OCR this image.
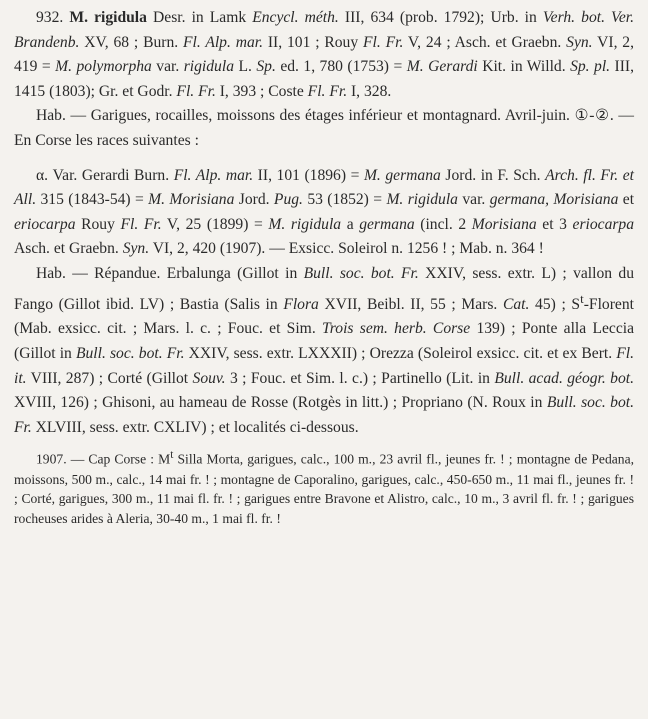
932. M. rigidula Desr. in Lamk Encycl. méth. III, 634 (prob. 1792); Urb. in Verh. bot. Ver. Brandenb. XV, 68 ; Burn. Fl. Alp. mar. II, 101 ; Rouy Fl. Fr. V, 24 ; Asch. et Graebn. Syn. VI, 2, 419 = M. polymorpha var. rigidula L. Sp. ed. 1, 780 (1753) = M. Gerardi Kit. in Willd. Sp. pl. III, 1415 (1803); Gr. et Godr. Fl. Fr. I, 393 ; Coste Fl. Fr. I, 328.

Hab. — Garigues, rocailles, moissons des étages inférieur et montagnard. Avril-juin. ①-②. — En Corse les races suivantes :

α. Var. Gerardi Burn. Fl. Alp. mar. II, 101 (1896) = M. germana Jord. in F. Sch. Arch. fl. Fr. et All. 315 (1843-54) = M. Morisiana Jord. Pug. 53 (1852) = M. rigidula var. germana, Morisiana et eriocarpa Rouy Fl. Fr. V, 25 (1899) = M. rigidula a germana (incl. 2 Morisiana et 3 eriocarpa Asch. et Graebn. Syn. VI, 2, 420 (1907). — Exsicc. Soleirol n. 1256 ! ; Mab. n. 364 !

Hab. — Répandue. Erbalunga (Gillot in Bull. soc. bot. Fr. XXIV, sess. extr. L) ; vallon du Fango (Gillot ibid. LV) ; Bastia (Salis in Flora XVII, Beibl. II, 55 ; Mars. Cat. 45) ; $S^t$-Florent (Mab. exsicc. cit. ; Mars. l. c. ; Fouc. et Sim. Trois sem. herb. Corse 139) ; Ponte alla Leccia (Gillot in Bull. soc. bot. Fr. XXIV, sess. extr. LXXXII) ; Orezza (Soleirol exsicc. cit. et ex Bert. Fl. it. VIII, 287) ; Corté (Gillot Souv. 3 ; Fouc. et Sim. l. c.) ; Partinello (Lit. in Bull. acad. géogr. bot. XVIII, 126) ; Ghisoni, au hameau de Rosse (Rotgès in litt.) ; Propriano (N. Roux in Bull. soc. bot. Fr. XLVIII, sess. extr. CXLIV) ; et localités ci-dessous.

1907. — Cap Corse : $M^t$ Silla Morta, garigues, calc., 100 m., 23 avril fl., jeunes fr. ! ; montagne de Pedana, moissons, 500 m., calc., 14 mai fr. ! ; montagne de Caporalino, garigues, calc., 450-650 m., 11 mai fl., jeunes fr. ! ; Corté, garigues, 300 m., 11 mai fl. fr. ! ; garigues entre Bravone et Alistro, calc., 10 m., 3 avril fl. fr. ! ; garigues rocheuses arides à Aleria, 30-40 m., 1 mai fl. fr. !
